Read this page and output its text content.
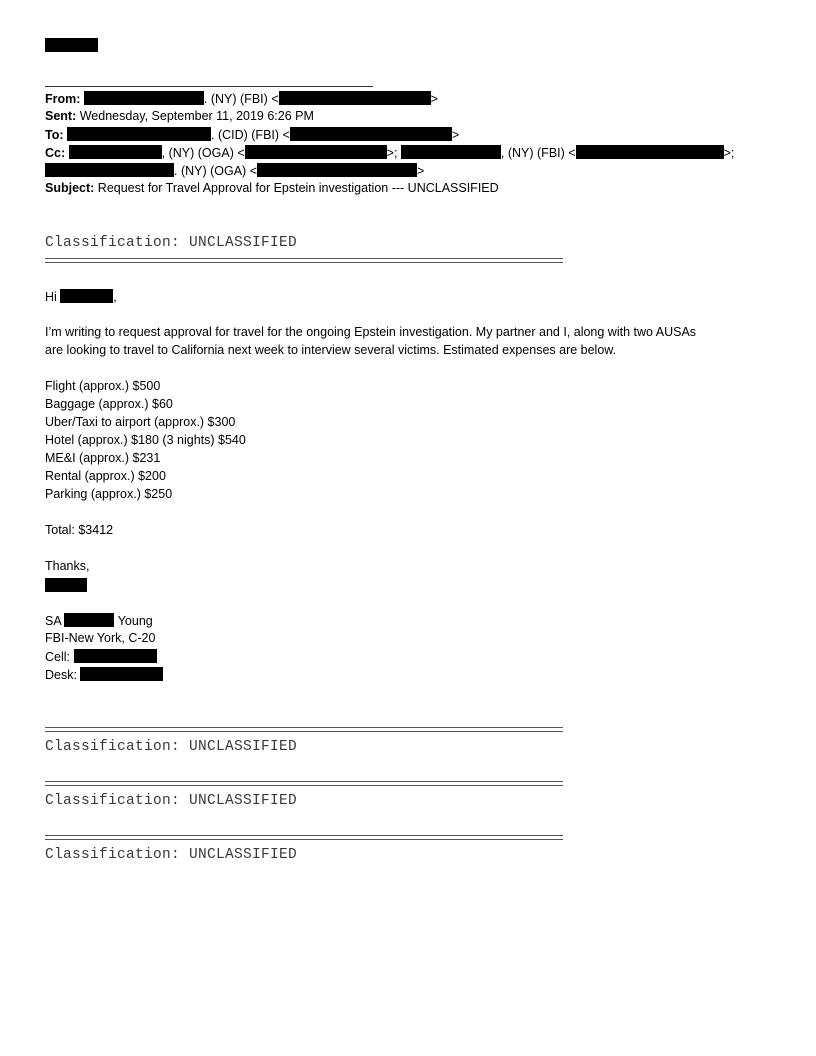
From:	. (NY) (FBI) <	>
Sent: Wednesday, September 11, 2019 6:26 PM
To:	. (CID) (FBI) <	>
Cc:	, (NY) (OGA) <	>;	, (NY) (FBI) <	>;
. (NY) (OGA) <	>
Subject: Request for Travel Approval for Epstein investigation --- UNCLASSIFIED
Classification: UNCLASSIFIED
Hi	,
I’m writing to request approval for travel for the ongoing Epstein investigation. My partner and I, along with two AUSAs
are looking to travel to California next week to interview several victims. Estimated expenses are below.
Flight (approx.) $500
Baggage (approx.) $60
Uber/Taxi to airport (approx.) $300
Hotel (approx.) $180 (3 nights) $540
ME&I (approx.) $231
Rental (approx.) $200
Parking (approx.) $250
Total: $3412
Thanks,
SA	Young
FBI-New York, C-20
Cell:
Desk:
Classification: UNCLASSIFIED
Classification: UNCLASSIFIED
Classification: UNCLASSIFIED
